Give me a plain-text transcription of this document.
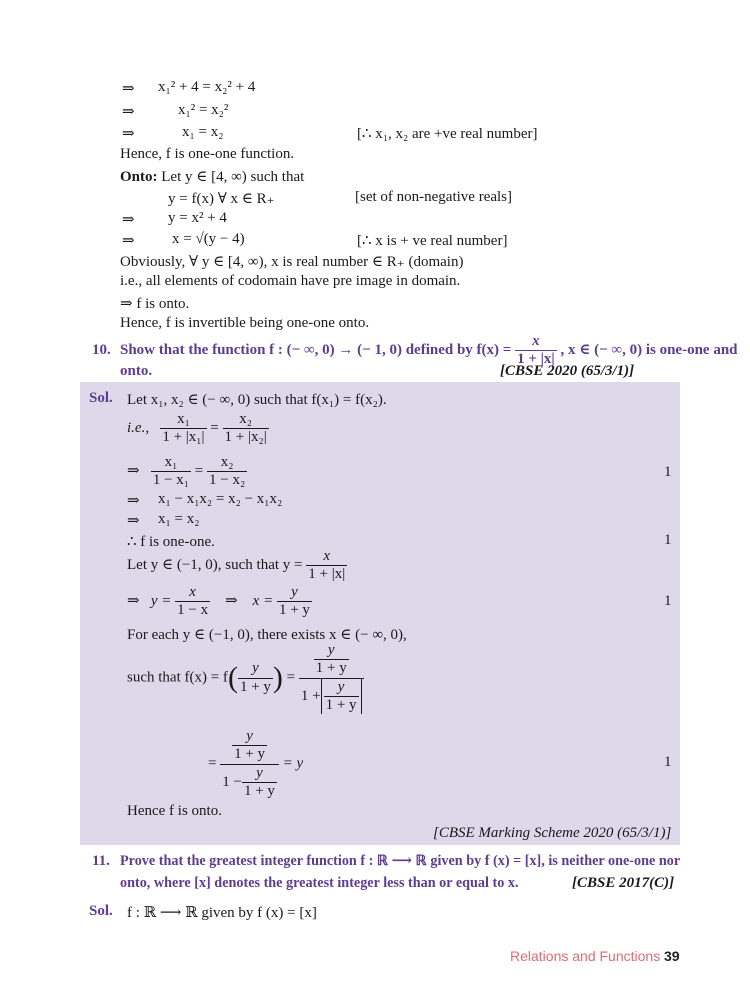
⇒ x₁² + 4 = x₂² + 4
⇒	x₁² = x₂²
⇒	x₁ = x₂	[∴ x₁, x₂ are +ve real number]
Hence, f is one-one function.
Onto: Let y ∈ [4, ∞) such that
y = f(x) ∀ x ∈ R₊	[set of non-negative reals]
⇒ y = x² + 4
⇒ x = √(y − 4)	[∴ x is + ve real number]
Obviously, ∀ y ∈ [4, ∞), x is real number ∈ R₊ (domain)
i.e., all elements of codomain have pre image in domain.
⇒ f is onto.
Hence, f is invertible being one-one onto.
10. Show that the function f : (− ∞, 0) → (− 1, 0) defined by $f(x) = \frac{x}{1 + |x|}$ , x ∈ (− ∞, 0) is one-one and
onto.	[CBSE 2020 (65/3/1)]
Sol. Let x₁, x₂ ∈ (− ∞, 0) such that f(x₁) = f(x₂).
i.e., $\frac{\text{x₁}}{\text{1 + |x₁|}} = \frac{\text{x₂}}{\text{1 + |x₂|}}$
⇒ $\frac{\text{x₁}}{\text{1 − x₁}} = \frac{\text{x₂}}{\text{1 − x₂}}$	1
⇒ x₁ − x₁x₂ = x₂ − x₁x₂
⇒ x₁ = x₂
∴ f is one-one.	1
Let y ∈ (−1, 0), such that $y = \frac{x}{1 + |x|}$
⇒   $y = \frac{x}{1 - x}$ ⇒    $x = \frac{y}{1 + y}$	1
For each y ∈ (−1, 0), there exists x ∈ (− ∞, 0),
such that $f(x) = f( \frac{y}{1 + y}$ ) = $\frac{\frac{y}{1 + y}}{1 + \frac{y}{1 + y}}$
= $\frac{\frac{y}{1 + y}}{1 - \frac{y}{1 + y}} = y$	1
Hence f is onto.
[CBSE Marking Scheme 2020 (65/3/1)]
11. Prove that the greatest integer function f : ℝ ⟶ ℝ given by f (x) = [x], is neither one-one nor
onto, where [x] denotes the greatest integer less than or equal to x.	[CBSE 2017(C)]
Sol. f : ℝ ⟶ ℝ given by f (x) = [x]
Relations and Functions 39
